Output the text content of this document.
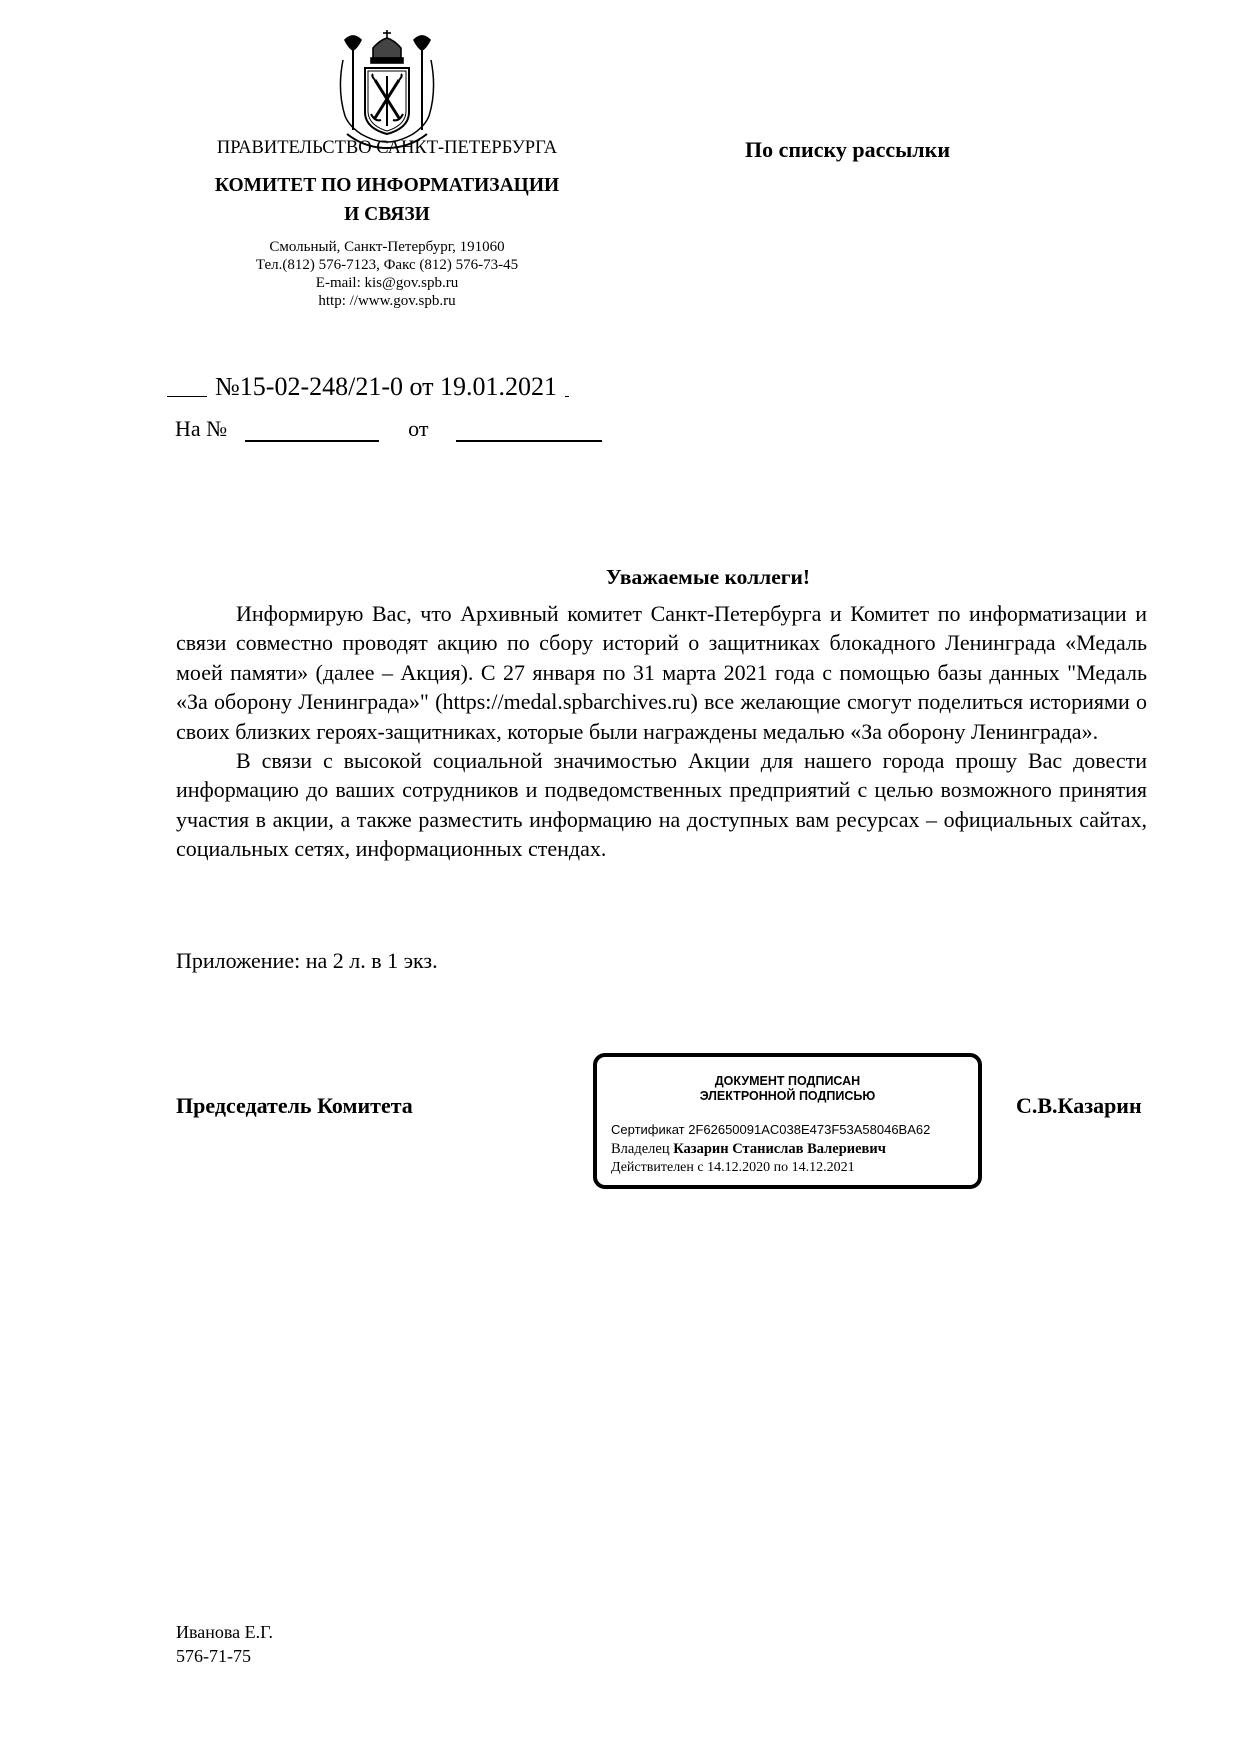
ПРАВИТЕЛЬСТВО САНКТ-ПЕТЕРБУРГА
КОМИТЕТ ПО ИНФОРМАТИЗАЦИИ
И СВЯЗИ
Смольный, Санкт-Петербург, 191060
Тел.(812) 576-7123, Факс (812) 576-73-45
E-mail: kis@gov.spb.ru
http: //www.gov.spb.ru
По списку рассылки
№15-02-248/21-0 от 19.01.2021
На №	от
Уважаемые коллеги!

Информирую Вас, что Архивный комитет Санкт-Петербурга и Комитет по информатизации и связи совместно проводят акцию по сбору историй о защитниках блокадного Ленинграда «Медаль моей памяти» (далее – Акция). С 27 января по 31 марта 2021 года с помощью базы данных "Медаль «За оборону Ленинграда»" (https://medal.spbarchives.ru) все желающие смогут поделиться историями о своих близких героях-защитниках, которые были награждены медалью «За оборону Ленинграда».

В связи с высокой социальной значимостью Акции для нашего города прошу Вас довести информацию до ваших сотрудников и подведомственных предприятий с целью возможного принятия участия в акции, а также разместить информацию на доступных вам ресурсах – официальных сайтах, социальных сетях, информационных стендах.

Приложение: на 2 л. в 1 экз.
Председатель Комитета
ДОКУМЕНТ ПОДПИСАН
ЭЛЕКТРОННОЙ ПОДПИСЬЮ
Сертификат 2F62650091AC038E473F53A58046BA62
Владелец Казарин Станислав Валериевич
Действителен с 14.12.2020 по 14.12.2021
С.В.Казарин
Иванова Е.Г.
576-71-75
